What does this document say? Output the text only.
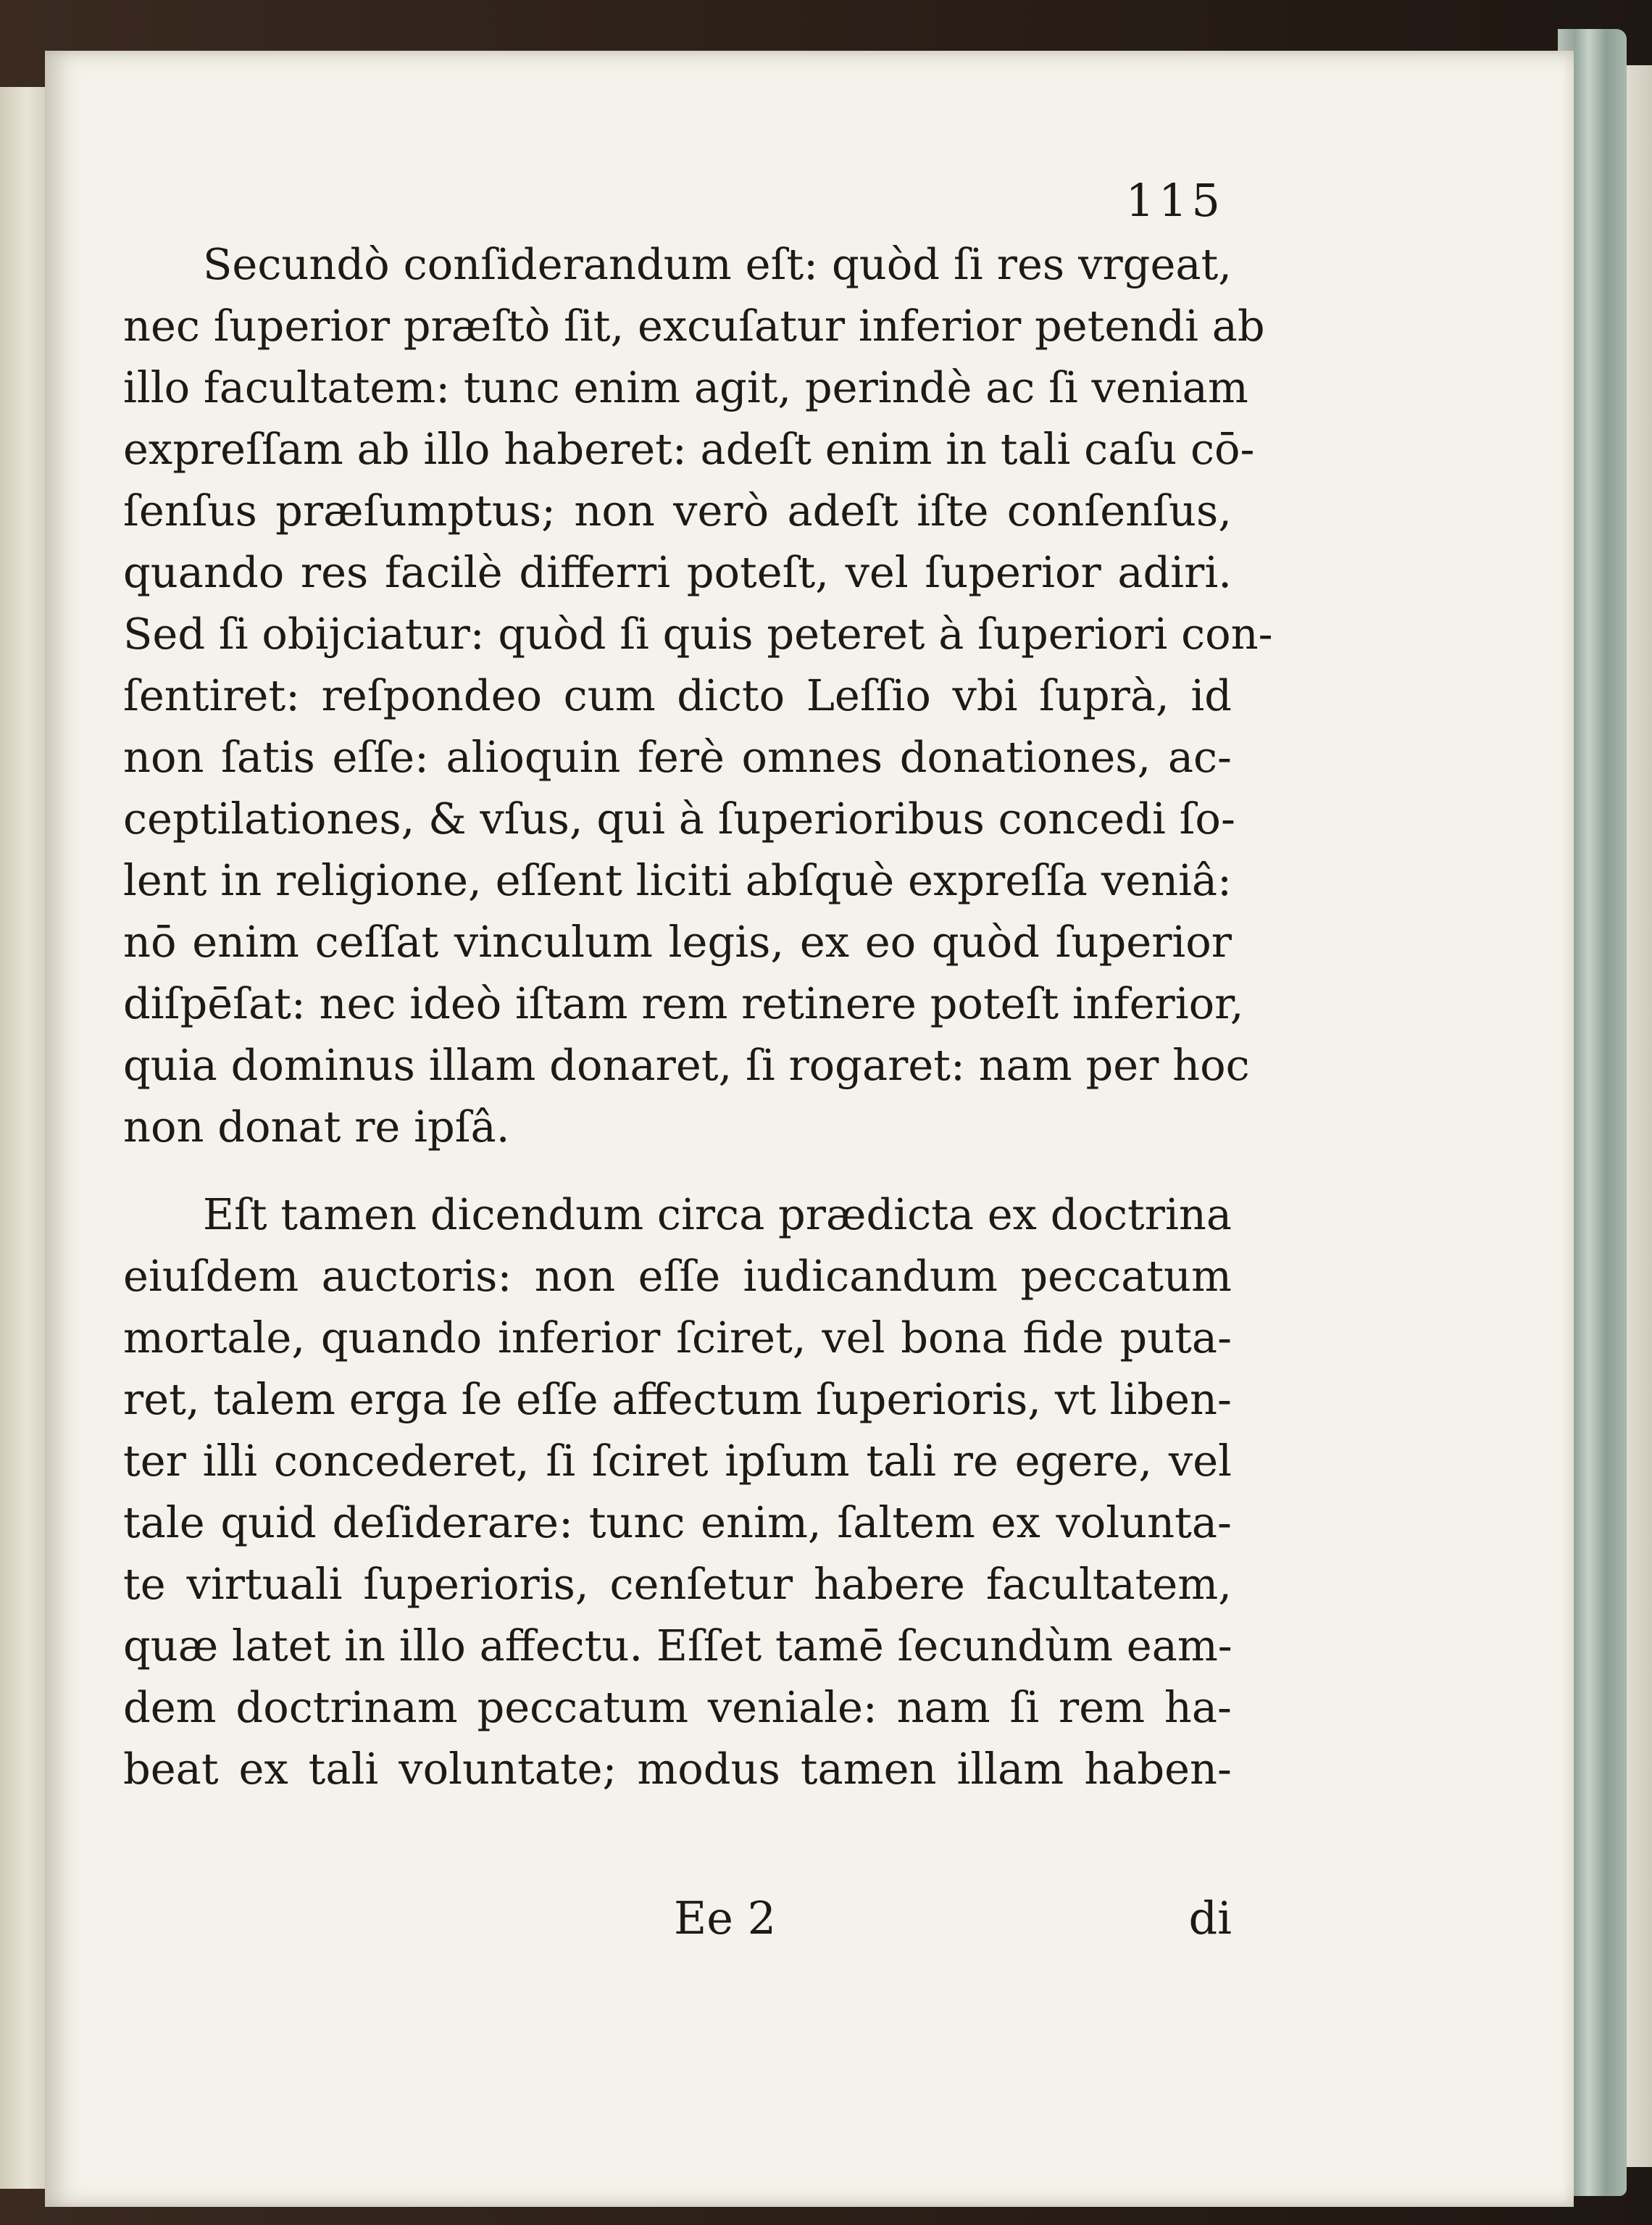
115
Secundò conſiderandum eſt: quòd ſi res vrgeat,
nec ſuperior præſtò ſit, excuſatur inferior petendi ab
illo facultatem: tunc enim agit, perindè ac ſi veniam
expreſſam ab illo haberet: adeſt enim in tali caſu cō-
ſenſus præſumptus; non verò adeſt iſte conſenſus,
quando res facilè differri poteſt, vel ſuperior adiri.
Sed ſi obijciatur: quòd ſi quis peteret à ſuperiori con-
ſentiret: reſpondeo cum dicto Leſſio vbi ſuprà, id
non ſatis eſſe: alioquin ferè omnes donationes, ac-
ceptilationes, & vſus, qui à ſuperioribus concedi ſo-
lent in religione, eſſent liciti abſquè expreſſa veniâ:
nō enim ceſſat vinculum legis, ex eo quòd ſuperior
diſpēſat: nec ideò iſtam rem retinere poteſt inferior,
quia dominus illam donaret, ſi rogaret: nam per hoc
non donat re ipſâ.
Eſt tamen dicendum circa prædicta ex doctrina
eiuſdem auctoris: non eſſe iudicandum peccatum
mortale, quando inferior ſciret, vel bona fide puta-
ret, talem erga ſe eſſe affectum ſuperioris, vt liben-
ter illi concederet, ſi ſciret ipſum tali re egere, vel
tale quid deſiderare: tunc enim, ſaltem ex volunta-
te virtuali ſuperioris, cenſetur habere facultatem,
quæ latet in illo affectu. Eſſet tamē ſecundùm eam-
dem doctrinam peccatum veniale: nam ſi rem ha-
beat ex tali voluntate; modus tamen illam haben-
Ee 2	di
